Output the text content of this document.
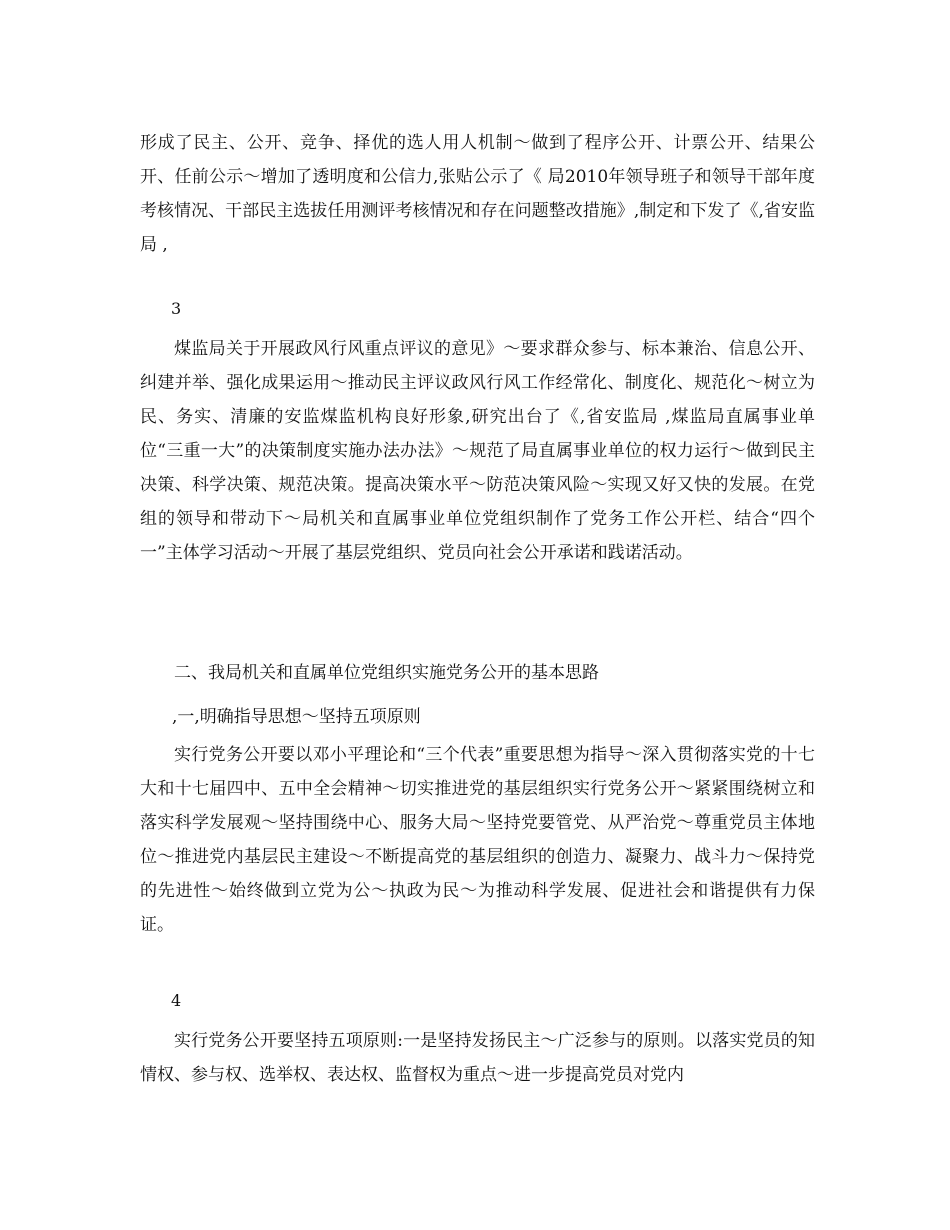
形成了民主、公开、竞争、择优的选人用人机制～做到了程序公开、计票公开、结果公开、任前公示～增加了透明度和公信力,张贴公示了《 局2010年领导班子和领导干部年度考核情况、干部民主选拔任用测评考核情况和存在问题整改措施》,制定和下发了《,省安监局 ,

3

煤监局关于开展政风行风重点评议的意见》～要求群众参与、标本兼治、信息公开、纠建并举、强化成果运用～推动民主评议政风行风工作经常化、制度化、规范化～树立为民、务实、清廉的安监煤监机构良好形象,研究出台了《,省安监局 ,煤监局直属事业单位“三重一大”的决策制度实施办法办法》～规范了局直属事业单位的权力运行～做到民主决策、科学决策、规范决策。提高决策水平～防范决策风险～实现又好又快的发展。在党组的领导和带动下～局机关和直属事业单位党组织制作了党务工作公开栏、结合“四个一”主体学习活动～开展了基层党组织、党员向社会公开承诺和践诺活动。

二、我局机关和直属单位党组织实施党务公开的基本思路

,一,明确指导思想～坚持五项原则

实行党务公开要以邓小平理论和“三个代表”重要思想为指导～深入贯彻落实党的十七大和十七届四中、五中全会精神～切实推进党的基层组织实行党务公开～紧紧围绕树立和落实科学发展观～坚持围绕中心、服务大局～坚持党要管党、从严治党～尊重党员主体地位～推进党内基层民主建设～不断提高党的基层组织的创造力、凝聚力、战斗力～保持党的先进性～始终做到立党为公～执政为民～为推动科学发展、促进社会和谐提供有力保证。

4

实行党务公开要坚持五项原则:一是坚持发扬民主～广泛参与的原则。以落实党员的知情权、参与权、选举权、表达权、监督权为重点～进一步提高党员对党内
